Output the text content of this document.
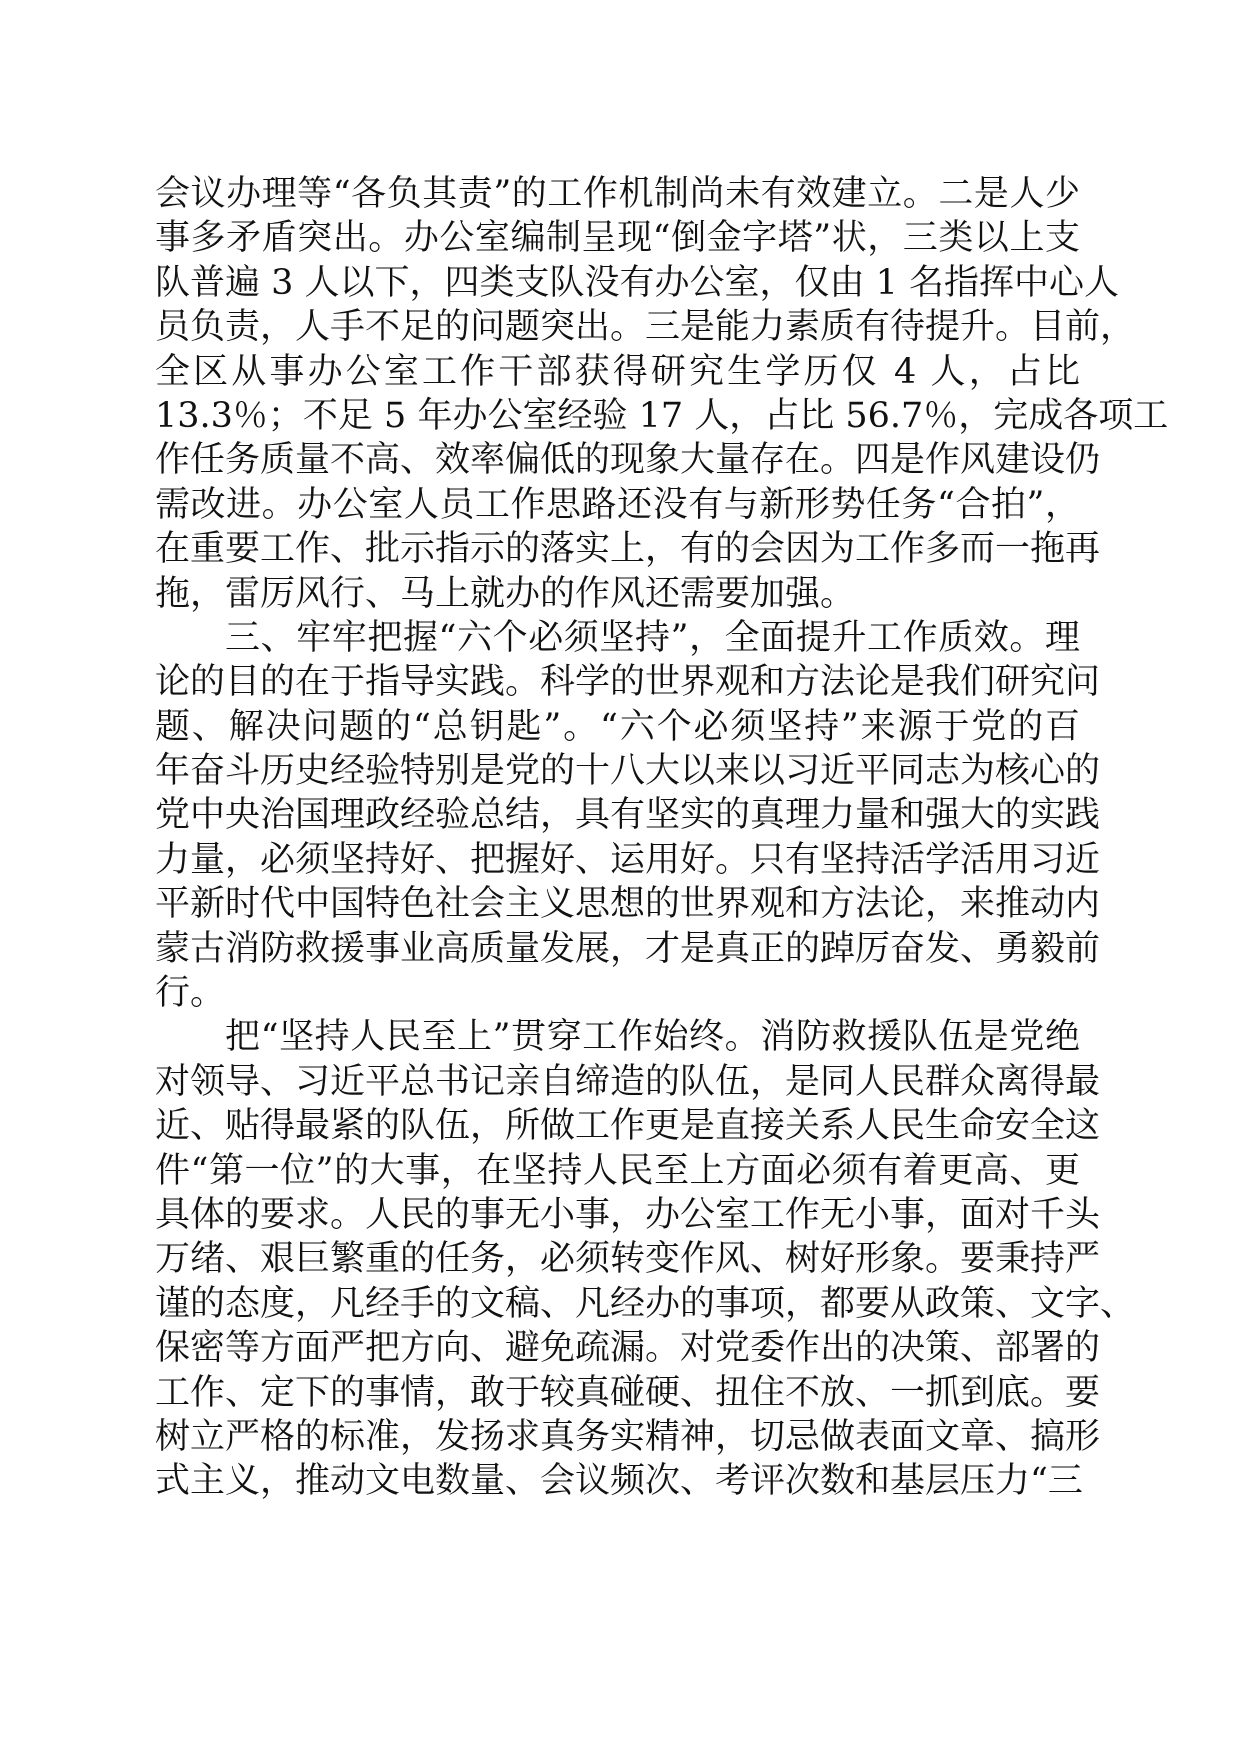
会议办理等“各负其责”的工作机制尚未有效建立。二是人少
事多矛盾突出。办公室编制呈现“倒金字塔”状，三类以上支
队普遍 3 人以下，四类支队没有办公室，仅由 1 名指挥中心人
员负责，人手不足的问题突出。三是能力素质有待提升。目前，
全区从事办公室工作干部获得研究生学历仅 4 人，占比
13.3％；不足 5 年办公室经验 17 人，占比 56.7％，完成各项工
作任务质量不高、效率偏低的现象大量存在。四是作风建设仍
需改进。办公室人员工作思路还没有与新形势任务“合拍”，
在重要工作、批示指示的落实上，有的会因为工作多而一拖再
拖，雷厉风行、马上就办的作风还需要加强。
三、牢牢把握“六个必须坚持”，全面提升工作质效。理
论的目的在于指导实践。科学的世界观和方法论是我们研究问
题、解决问题的“总钥匙”。“六个必须坚持”来源于党的百
年奋斗历史经验特别是党的十八大以来以习近平同志为核心的
党中央治国理政经验总结，具有坚实的真理力量和强大的实践
力量，必须坚持好、把握好、运用好。只有坚持活学活用习近
平新时代中国特色社会主义思想的世界观和方法论，来推动内
蒙古消防救援事业高质量发展，才是真正的踔厉奋发、勇毅前
行。
把“坚持人民至上”贯穿工作始终。消防救援队伍是党绝
对领导、习近平总书记亲自缔造的队伍，是同人民群众离得最
近、贴得最紧的队伍，所做工作更是直接关系人民生命安全这
件“第一位”的大事，在坚持人民至上方面必须有着更高、更
具体的要求。人民的事无小事，办公室工作无小事，面对千头
万绪、艰巨繁重的任务，必须转变作风、树好形象。要秉持严
谨的态度，凡经手的文稿、凡经办的事项，都要从政策、文字、
保密等方面严把方向、避免疏漏。对党委作出的决策、部署的
工作、定下的事情，敢于较真碰硬、扭住不放、一抓到底。要
树立严格的标准，发扬求真务实精神，切忌做表面文章、搞形
式主义，推动文电数量、会议频次、考评次数和基层压力“三
